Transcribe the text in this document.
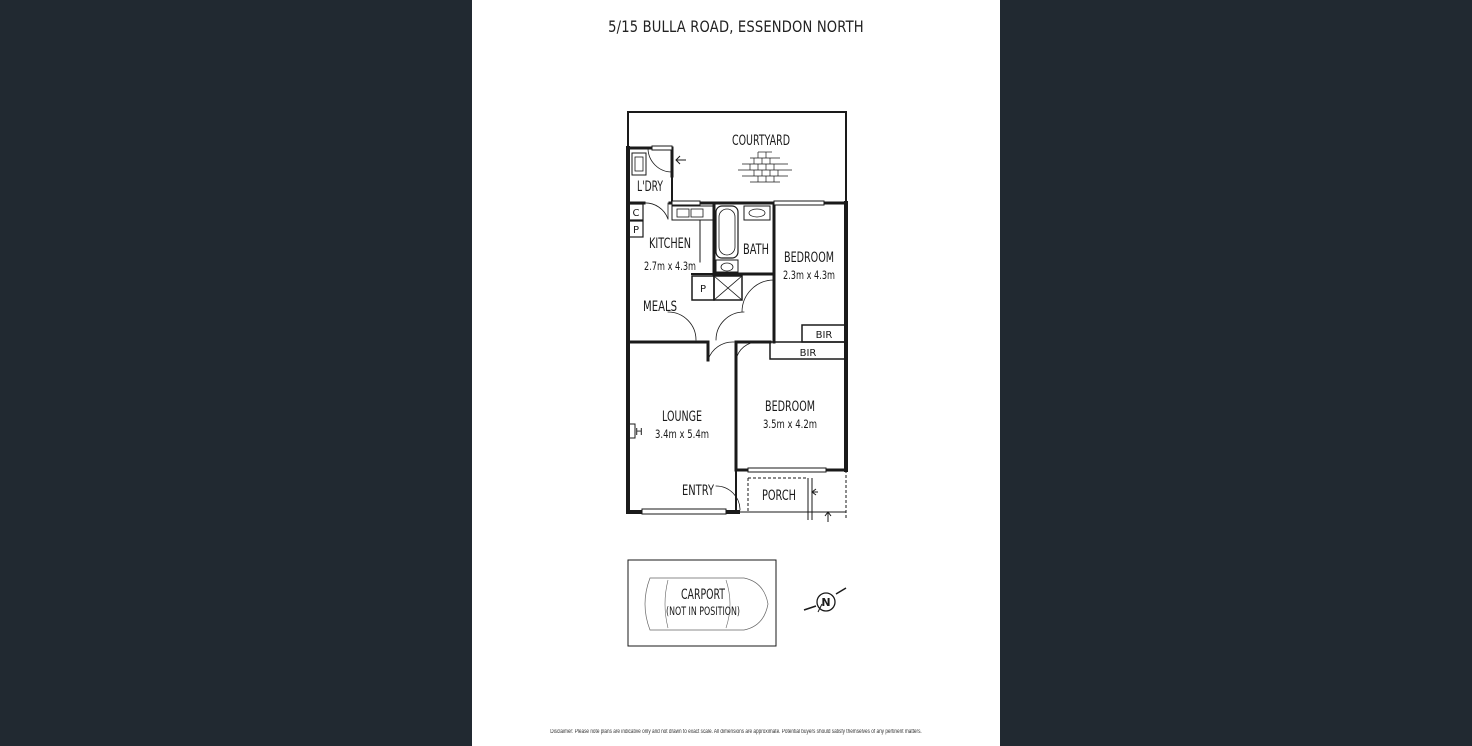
5/15 BULLA ROAD, ESSENDON NORTH
COURTYARD
L'DRY
C
P
KITCHEN
2.7m x 4.3m
BATH
P
MEALS
BEDROOM
2.3m x 4.3m
BIR
BIR
LOUNGE
3.4m x 5.4m
H
BEDROOM
3.5m x 4.2m
ENTRY	PORCH
CARPORT
(NOT IN POSITION)
N
Disclaimer: Please note plans are indicative only and not drawn to exact scale. All dimensions are approximate. Potential buyers should satisfy themselves of any pertinent matters.
